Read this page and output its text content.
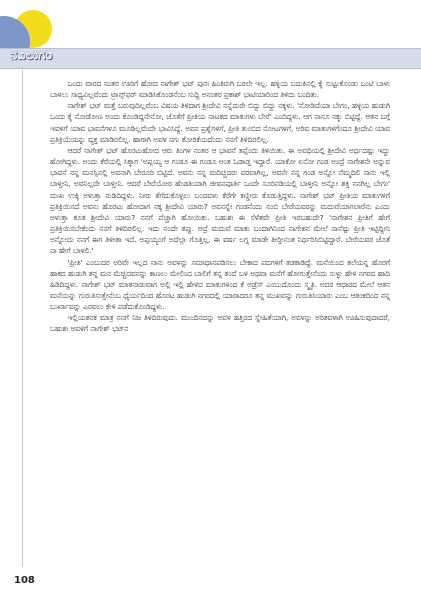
ನವಿಲುಗರಿ

ಒಂದು ವಾರದ ನಂತರ ಊರಿಗೆ ಹೋದ ನಾಗೇಶ್ ಭಟ್ ಪುನಃ ಹಿಂತಿರುಗಿ ಬರಲೇ ಇಲ್ಲ. ಹಳ್ಳಿಯ ಬದುಕಿನಲ್ಲಿ ಕೈ ಸುಟ್ಟುಕೊಂಡು ಒಂಟಿ ಬಾಳು ಬಾಳಲು ಸಾಧ್ಯವಿಲ್ಲವೆಂದು ಟ್ರಾನ್ಸ್‌ಫರ್ ಮಾಡಿಸಿಕೊಂಡನೆಂಬ ಸುದ್ದಿ ಅನಂತರ ಪ್ರಕಾಶ್ ಭಾಟಿಯಾರಿಂದ ತಿಳಿದು ಬಂದಿತು.

ನಾಗೇಶ್ ಭಟ್ ಮತ್ತೆ ಬರುವುದಿಲ್ಲವೆಂಬ ವಿಷಯ ತಿಳಿದಾಗ ಶ್ರೀದೇವಿ ನನ್ನೆದುರೇ ಬಿದ್ದು ಬಿದ್ದು ನಕ್ಕಳು. 'ನೋಡಿದೆಯಾ ಬೇಗಂ, ಹಳ್ಳಿಯ ಹುಡುಗಿ ಒಂದು ಕೈ ನೋಡೋಣ ಅಂದು ಕೊಂಡಿದ್ದನೇನೋ, ಜೊತೆಗೆ ಪ್ರೀತಿಯ ನಾಟಕದ ಮಾತುಗಳು ಬೇರೆ' ಎಂದಿದ್ದಳು. ಆಗ ನಾನೂ ನಕ್ಕು ಬಿಟ್ಟಿದ್ದೆ. ಆತನ ಬಗ್ಗೆ ಇವಳಿಗೆ ಯಾವ ಭಾವನೆಗಳೂ ಮೂಡಿಲ್ಲವೆಂದೇ ಭಾವಿಸಿದ್ದೆ. ಅವನ ಪ್ರಶ್ನೆಗಳಿಗೆ, ಪ್ರೀತಿ ತುಂಬಿದ ನೋಟಗಳಿಗೆ, ಅರಿವ ಮಾತುಗಳಿಗೆಂದೂ ಶ್ರೀದೇವಿ ಯಾವ ಪ್ರತಿಕ್ರಿಯೆಯನ್ನು ವ್ಯಕ್ತ ಮಾಡಿರಲಿಲ್ಲ. ಹಾಗಾಗಿ ಅವಳ ನಗು ತೋರಿಕೆಯದೆಂದು ನನಗೆ ತಿಳಿದಿರಲಿಲ್ಲ.

ಆದರೆ ನಾಗೇಶ್ ಭಟ್ ಹೊರಟುಹೋದ ಆರು ತಿಂಗಳ ನಂತರ ಆ ಭಾವನೆ ತಪ್ಪೆಂದು ತಿಳಿಯಿತು. ಈ ಅವಧಿಯಲ್ಲಿ ಶ್ರೀದೇವಿ ಅರ್ಧದಷ್ಟು ಇದ್ದು ಹೋಗಿದ್ದಳು. ಅಂದು ಕೆರೆಯಲ್ಲಿ ಸಿಕ್ಕಾಗ 'ಅಪ್ಪಯ್ಯ ಆ ಗಂಡೂ ಈ ಗಂಡೂ ಅಂತ ಓಡಾಡ್ತ ಇದ್ದಾರೆ. ಯಾಕೋ ಏನೋ ಗಂಡ ಅಂದ್ರೆ ನಾಗೇಶನೇ ಅನ್ನುವ ಭಾವನೆ ನನ್ನ ಮನಸ್ಸಿನಲ್ಲಿ ಅವನಾಗಿ ಬೇರೂರಿ ಬಿಟ್ಟಿದೆ. ಅವನು ನನ್ನ ಮದಿಚ್ಚಿದರು ಪರವಾಗಿಲ್ಲ, ಅವನೇ ನನ್ನ ಗಂಡ ಅನ್ನೋ ನೆಮ್ಮದಿಲಿ ನಾನು ಇಲ್ಲಿ ಬಾಳ್ತೀನಿ, ಅವನಿಲ್ಲದೇ ಬಾಳ್ತೀನಿ. ಆದರೆ ಬೇರೆಯೋರ ಹೆಂಡತಿಯಾಗಿ ಜೀವನಪೂರ್ತಿ ಒಂದೇ ಸೂರಿನಡಿಯಲ್ಲಿ ಬಾಳ್ತೀನಿ ಅನ್ನೋ ಶಕ್ತಿ ನನಗಿಲ್ಲ ಬೇಗಂ' ದುಃಖ ಉಕ್ಕಿ ಅಳುತ್ತಾ ನುಡಿದಿದ್ದಳು. ನೀರು ತೆಗೆದುಕೊಳ್ಳಲು ಬಂದವಳು ಕೆರೆಗೇ ಕಣ್ಣೀರು ಕೊಡುತ್ತಿದ್ದಳು. ನಾಗೇಶ್ ಭಟ್ ಪ್ರೀತಿಯ ಮಾತುಗಳಿಗೆ ಪ್ರತಿಕ್ರಿಯಿಸದೆ ಅವನು ಹೊರಟು ಹೋದಾಗ ನಕ್ಕ ಶ್ರೀದೇವಿ ಯಾರು? ಅವನನ್ನೇ ಗಂಡನೆಂದು ನಂಬಿ ಬೇರೆಯವರನ್ನು ಮದುವೆಯಾಗಲಾರೆನು ಎಂದು ಅಳುತ್ತಾ ಕೂತ ಶ್ರೀದೇವಿ ಯಾರು? ನನಗೆ ಪೆಚ್ಚಾಗಿ ಹೋಯಿತು. ಬಹುಶಃ ಈ ಸೆಳೆತವೇ ಪ್ರೀತಿ ಇರಬಹುದೇ? 'ನಾಗೇಶನ ಪ್ರೀತಿಗೆ ಹೇಗೆ ಪ್ರತಿಕ್ರಿಯಿಸಬೇಕೆಂದು ನನಗೆ ತಿಳಿದಿರಲಿಲ್ಲ. ಇದು ನಂದೇ ತಪ್ಪು. ಅದ್ರೆ ಮದುವೆ ಮಾತು ಬಂದಾಗಿನಿಂದ ನಾಗೇಶನ ಮೇಲೆ ನಾನೆಷ್ಟು ಪ್ರೀತಿ ಇಟ್ಟಿದ್ದೀನಿ ಅನ್ನೋದು ನನಗೆ ಈಗ ತಿಳೀತಾ ಇದೆ. ಅಪ್ಪಯ್ಯಂಗೆ ಅದೆಲ್ಲಾ ಗೊತ್ತಿಲ್ಲ. ಈ ವರ್ಷ ಲಗ್ನ ಮಾಡೇ ತೀರ್‍ತೀನಂತ ನಿರ್ಧರಿಸಿಬಿಟ್ಟಿದ್ದಾರೆ. ಬೇರೆಯವರ ಜೊತೆ ನಾ ಹೇಗೆ ಬಾಳಲಿ.'

'ಪ್ರೀತಿ' ಎಂಬುದರ ಅರಿವೇ ಇಲ್ಲದ ನಾನು ಅವಳನ್ನು ಸಮಾಧಾನಪಡಿಸಲು ಬೇಕಾದ ಪದಗಳಿಗೆ ತಡಕಾಡಿದ್ದೆ. ಮನೆಯಿಂದ ತಲೆಯನ್ನ ಹೊರಗೆ ಹಾಕದ ಹುಡುಗಿ ತನ್ನ ಮನ ಮೆಚ್ಚಿದವನನ್ನು ಕಾಣಲು ಮೇಲಿಂದ ಬಾಲಿಗೆ ತನ್ನ ತಂದೆ ಬಳಿ ಅಥವಾ ಮನೆಗೆ ಹೋಗುತ್ತೇನೆಂದು ಸುಳ್ಳು ಹೇಳಿ ನಗರದ ಹಾದಿ ಹಿಡಿದಿದ್ದಳು. ನಾಗೇಶ್ ಭಟ್ ಮಾತನಾಡುವಾಗ ಅಲ್ಲಿ ಇಲ್ಲಿ ಹೇಳಿದ ಮಾತುಗಳಿಂದ ಕೆ ಅಡ್ರೆಸ್ ಎಂಬುದೊಂದು ಸ್ಮೃತಿ. ಅದರ ಆಧಾರದ ಮೇಲೆ ಆತನ ಮನೆಯನ್ನು ಗುರುತಿಸುತ್ತೇನೆಂಬ ಧೈರ್ಯದಿಂದ ಹೊರಟ ಹುಡುಗಿ ನಗರದಲ್ಲಿ ಯಾರಾದರೂ ತನ್ನ ಮುಖವನ್ನು ಗುರುತಿಸಿಯಾರು ಎಂಬ ಆತಂಕದಿಂದ ನನ್ನ ಬುರ್ಖಾವನ್ನು ಎರವಲು ಕೇಳಿ ಪಡೆದುಕೊಂಡಿದ್ದಳು.

ಇಲ್ಲಿಯತನಕ ಮಾತ್ರ ನನಗೆ ನಿಜ ತಿಳಿದಿರುವುದು. ಮುಂದಿನದನ್ನು ಅವಳ ಹತ್ತಿರದ ಸ್ನೇಹಿತೆಯಾಗಿ, ಅವಳನ್ನು ಅರಿತವಳಾಗಿ ಊಹಿಸುವುದಾದರೆ, ಬಹುಶಃ ಅವಳಿಗೆ ನಾಗೇಶ್ ಭಟ್‌ನ

108
